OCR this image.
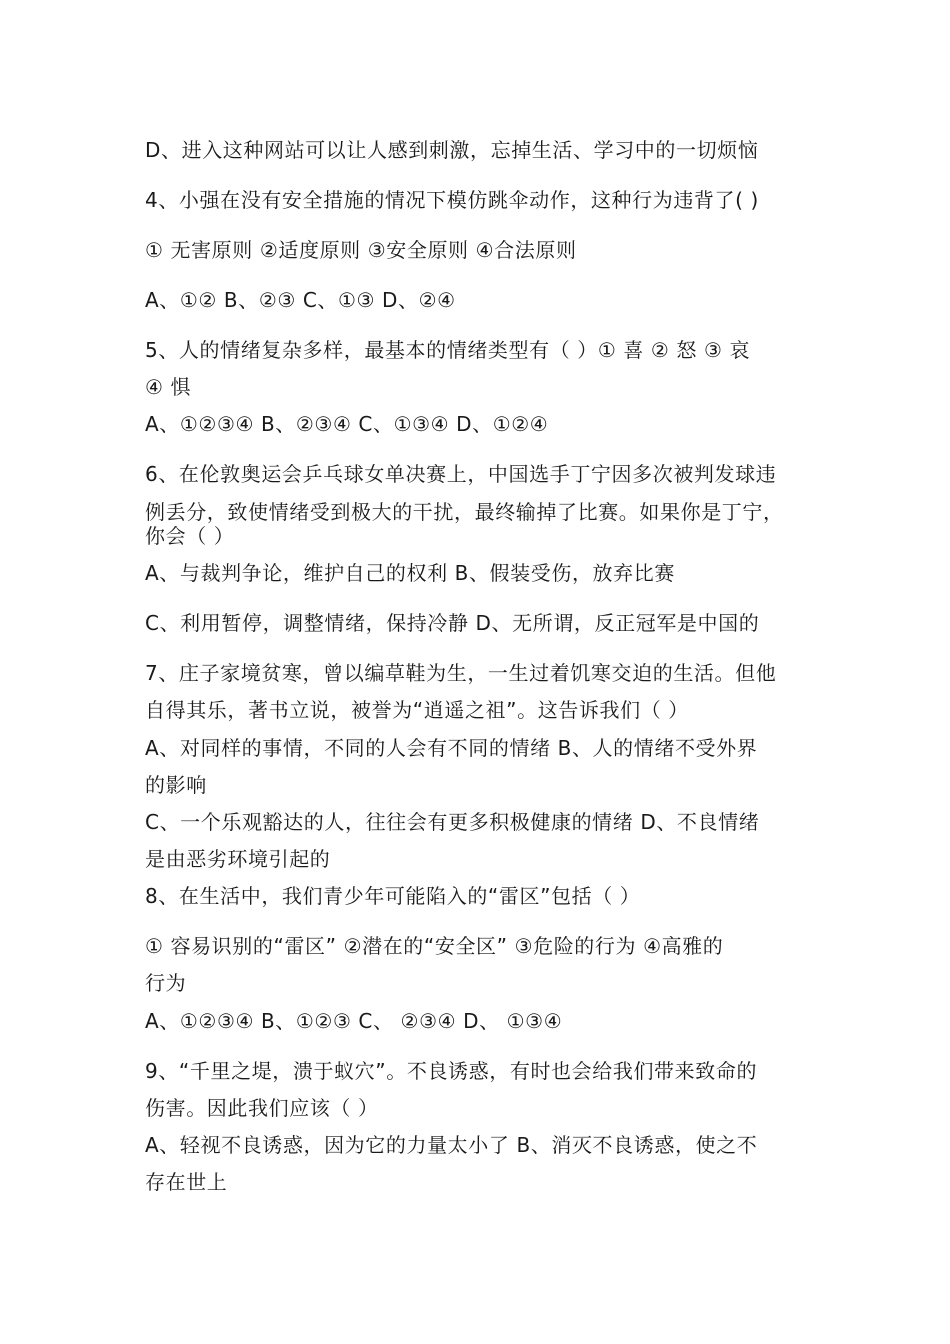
D、进入这种网站可以让人感到刺激，忘掉生活、学习中的一切烦恼
4、小强在没有安全措施的情况下模仿跳伞动作，这种行为违背了( )
① 无害原则 ②适度原则 ③安全原则 ④合法原则
A、①② B、②③ C、①③ D、②④
5、人的情绪复杂多样，最基本的情绪类型有（ ）① 喜 ② 怒 ③ 哀
④ 惧
A、①②③④ B、②③④ C、①③④ D、①②④
6、在伦敦奥运会乒乓球女单决赛上，中国选手丁宁因多次被判发球违
例丢分，致使情绪受到极大的干扰，最终输掉了比赛。如果你是丁宁，
你会（ ）
A、与裁判争论，维护自己的权利 B、假装受伤，放弃比赛
C、利用暂停，调整情绪，保持冷静 D、无所谓，反正冠军是中国的
7、庄子家境贫寒，曾以编草鞋为生，一生过着饥寒交迫的生活。但他
自得其乐，著书立说，被誉为“逍遥之祖”。这告诉我们（ ）
A、对同样的事情，不同的人会有不同的情绪 B、人的情绪不受外界
的影响
C、一个乐观豁达的人，往往会有更多积极健康的情绪 D、不良情绪
是由恶劣环境引起的
8、在生活中，我们青少年可能陷入的“雷区”包括（ ）
① 容易识别的“雷区” ②潜在的“安全区” ③危险的行为 ④高雅的
行为
A、①②③④ B、①②③ C、 ②③④ D、 ①③④
9、“千里之堤，溃于蚁穴”。不良诱惑，有时也会给我们带来致命的
伤害。因此我们应该（ ）
A、轻视不良诱惑，因为它的力量太小了 B、消灭不良诱惑，使之不
存在世上
